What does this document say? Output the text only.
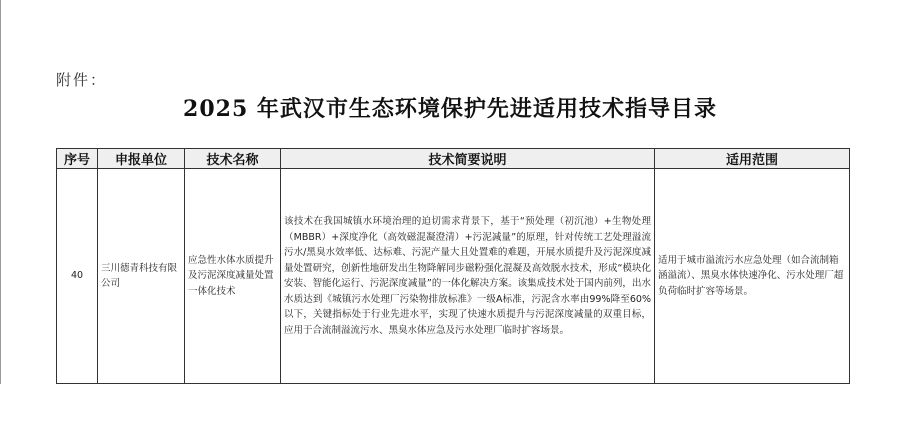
附件：
2025 年武汉市生态环境保护先进适用技术指导目录
序号	申报单位	技术名称	技术简要说明	适用范围
40	三川德青科技有限公司	应急性水体水质提升及污泥深度减量处置一体化技术	该技术在我国城镇水环境治理的迫切需求背景下，基于“预处理（初沉池）+生物处理（MBBR）+深度净化（高效磁混凝澄清）+污泥减量”的原理，针对传统工艺处理溢流污水/黑臭水效率低、达标难、污泥产量大且处置难的难题，开展水质提升及污泥深度减量处置研究，创新性地研发出生物降解同步磁粉强化混凝及高效脱水技术，形成“模块化安装、智能化运行、污泥深度减量”的一体化解决方案。该集成技术处于国内前列，出水水质达到《城镇污水处理厂污染物排放标准》一级A标准，污泥含水率由99%降至60%以下，关键指标处于行业先进水平，实现了快速水质提升与污泥深度减量的双重目标，应用于合流制溢流污水、黑臭水体应急及污水处理厂临时扩容场景。	适用于城市溢流污水应急处理（如合流制箱涵溢流）、黑臭水体快速净化、污水处理厂超负荷临时扩容等场景。
